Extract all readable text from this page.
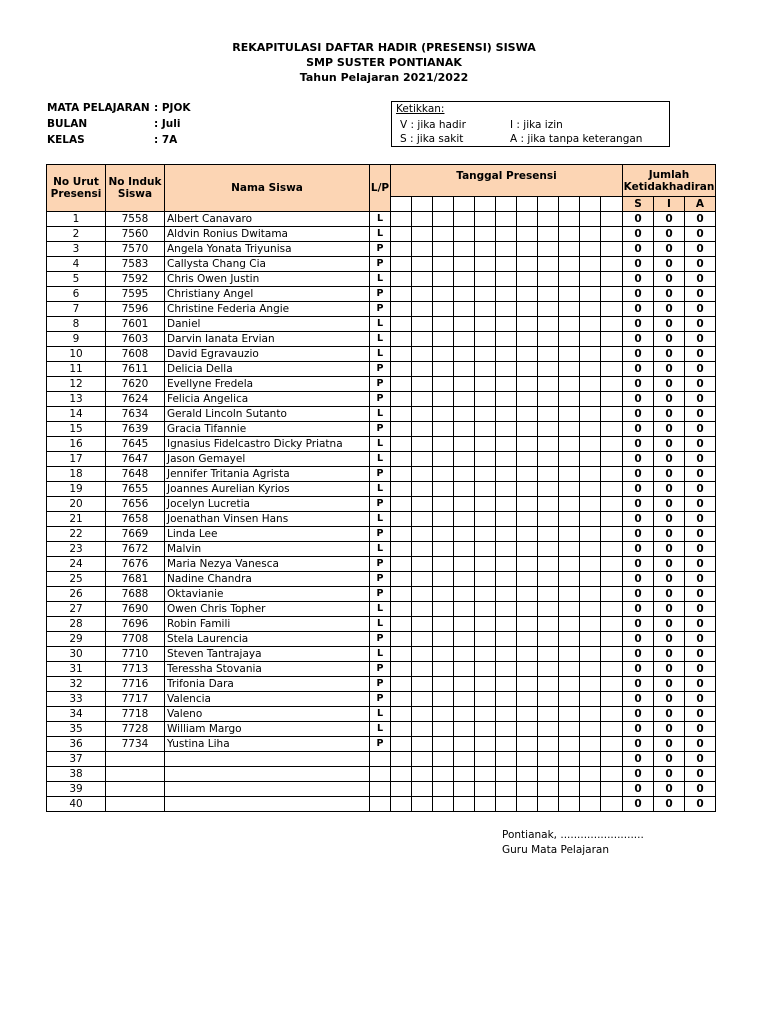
REKAPITULASI DAFTAR HADIR (PRESENSI) SISWA
SMP SUSTER PONTIANAK
Tahun Pelajaran 2021/2022
MATA PELAJARAN : PJOK
BULAN	: Juli
KELAS	: 7A
Ketikkan:
V : jika hadir	I : jika izin
S : jika sakit	A : jika tanpa keterangan
No Urut Presensi	No Induk Siswa	Nama Siswa	L/P	Tanggal Presensi											Jumlah Ketidakhadiran		
															S	I	A
1	7558	Albert Canavaro	L												0	0	0
2	7560	Aldvin Ronius Dwitama	L												0	0	0
3	7570	Angela Yonata Triyunisa	P												0	0	0
4	7583	Callysta Chang Cia	P												0	0	0
5	7592	Chris Owen Justin	L												0	0	0
6	7595	Christiany Angel	P												0	0	0
7	7596	Christine Federia Angie	P												0	0	0
8	7601	Daniel	L												0	0	0
9	7603	Darvin Ianata Ervian	L												0	0	0
10	7608	David Egravauzio	L												0	0	0
11	7611	Delicia Della	P												0	0	0
12	7620	Evellyne Fredela	P												0	0	0
13	7624	Felicia Angelica	P												0	0	0
14	7634	Gerald Lincoln Sutanto	L												0	0	0
15	7639	Gracia Tifannie	P												0	0	0
16	7645	Ignasius Fidelcastro Dicky Priatna	L												0	0	0
17	7647	Jason Gemayel	L												0	0	0
18	7648	Jennifer Tritania Agrista	P												0	0	0
19	7655	Joannes Aurelian Kyrios	L												0	0	0
20	7656	Jocelyn Lucretia	P												0	0	0
21	7658	Joenathan Vinsen Hans	L												0	0	0
22	7669	Linda Lee	P												0	0	0
23	7672	Malvin	L												0	0	0
24	7676	Maria Nezya Vanesca	P												0	0	0
25	7681	Nadine Chandra	P												0	0	0
26	7688	Oktavianie	P												0	0	0
27	7690	Owen Chris Topher	L												0	0	0
28	7696	Robin Famili	L												0	0	0
29	7708	Stela Laurencia	P												0	0	0
30	7710	Steven Tantrajaya	L												0	0	0
31	7713	Teressha Stovania	P												0	0	0
32	7716	Trifonia Dara	P												0	0	0
33	7717	Valencia	P												0	0	0
34	7718	Valeno	L												0	0	0
35	7728	William Margo	L												0	0	0
36	7734	Yustina Liha	P												0	0	0
37															0	0	0
38															0	0	0
39															0	0	0
40															0	0	0
Pontianak, .........................
Guru Mata Pelajaran
